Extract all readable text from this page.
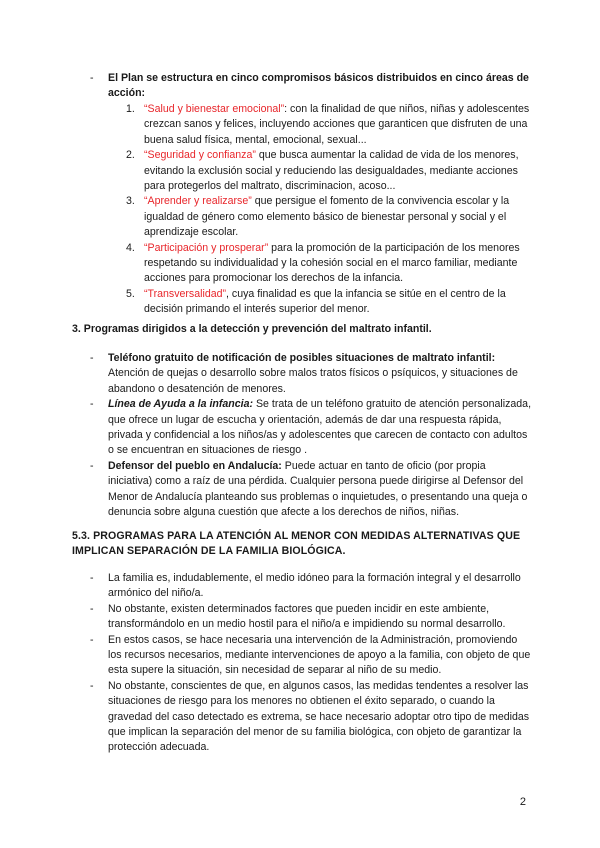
- El Plan se estructura en cinco compromisos básicos distribuidos en cinco áreas de acción:
1. “Salud y bienestar emocional”: con la finalidad de que niños, niñas y adolescentes crezcan sanos y felices, incluyendo acciones que garanticen que disfruten de una buena salud física, mental, emocional, sexual...
2. “Seguridad y confianza” que busca aumentar la calidad de vida de los menores, evitando la exclusión social y reduciendo las desigualdades, mediante acciones para protegerlos del maltrato, discriminacion, acoso...
3. “Aprender y realizarse” que persigue el fomento de la convivencia escolar y la igualdad de género como elemento básico de bienestar personal y social y el aprendizaje escolar.
4. “Participación y prosperar” para la promoción de la participación de los menores respetando su individualidad y la cohesión social en el marco familiar, mediante acciones para promocionar los derechos de la infancia.
5. “Transversalidad”, cuya finalidad es que la infancia se sitúe en el centro de la decisión primando el interés superior del menor.
3. Programas dirigidos a la detección y prevención del maltrato infantil.
- Teléfono gratuito de notificación de posibles situaciones de maltrato infantil: Atención de quejas o desarrollo sobre malos tratos físicos o psíquicos, y situaciones de abandono o desatención de menores.
- Línea de Ayuda a la infancia: Se trata de un teléfono gratuito de atención personalizada, que ofrece un lugar de escucha y orientación, además de dar una respuesta rápida, privada y confidencial a los niños/as y adolescentes que carecen de contacto con adultos o se encuentran en situaciones de riesgo .
- Defensor del pueblo en Andalucía: Puede actuar en tanto de oficio (por propia iniciativa) como a raíz de una pérdida. Cualquier persona puede dirigirse al Defensor del Menor de Andalucía planteando sus problemas o inquietudes, o presentando una queja o denuncia sobre alguna cuestión que afecte a los derechos de niños, niñas.
5.3. PROGRAMAS PARA LA ATENCIÓN AL MENOR CON MEDIDAS ALTERNATIVAS QUE IMPLICAN SEPARACIÓN DE LA FAMILIA BIOLÓGICA.
- La familia es, indudablemente, el medio idóneo para la formación integral y el desarrollo armónico del niño/a.
- No obstante, existen determinados factores que pueden incidir en este ambiente, transformándolo en un medio hostil para el niño/a e impidiendo su normal desarrollo.
- En estos casos, se hace necesaria una intervención de la Administración, promoviendo los recursos necesarios, mediante intervenciones de apoyo a la familia, con objeto de que esta supere la situación, sin necesidad de separar al niño de su medio.
- No obstante, conscientes de que, en algunos casos, las medidas tendentes a resolver las situaciones de riesgo para los menores no obtienen el éxito separado, o cuando la gravedad del caso detectado es extrema, se hace necesario adoptar otro tipo de medidas que implican la separación del menor de su familia biológica, con objeto de garantizar la protección adecuada.
2
